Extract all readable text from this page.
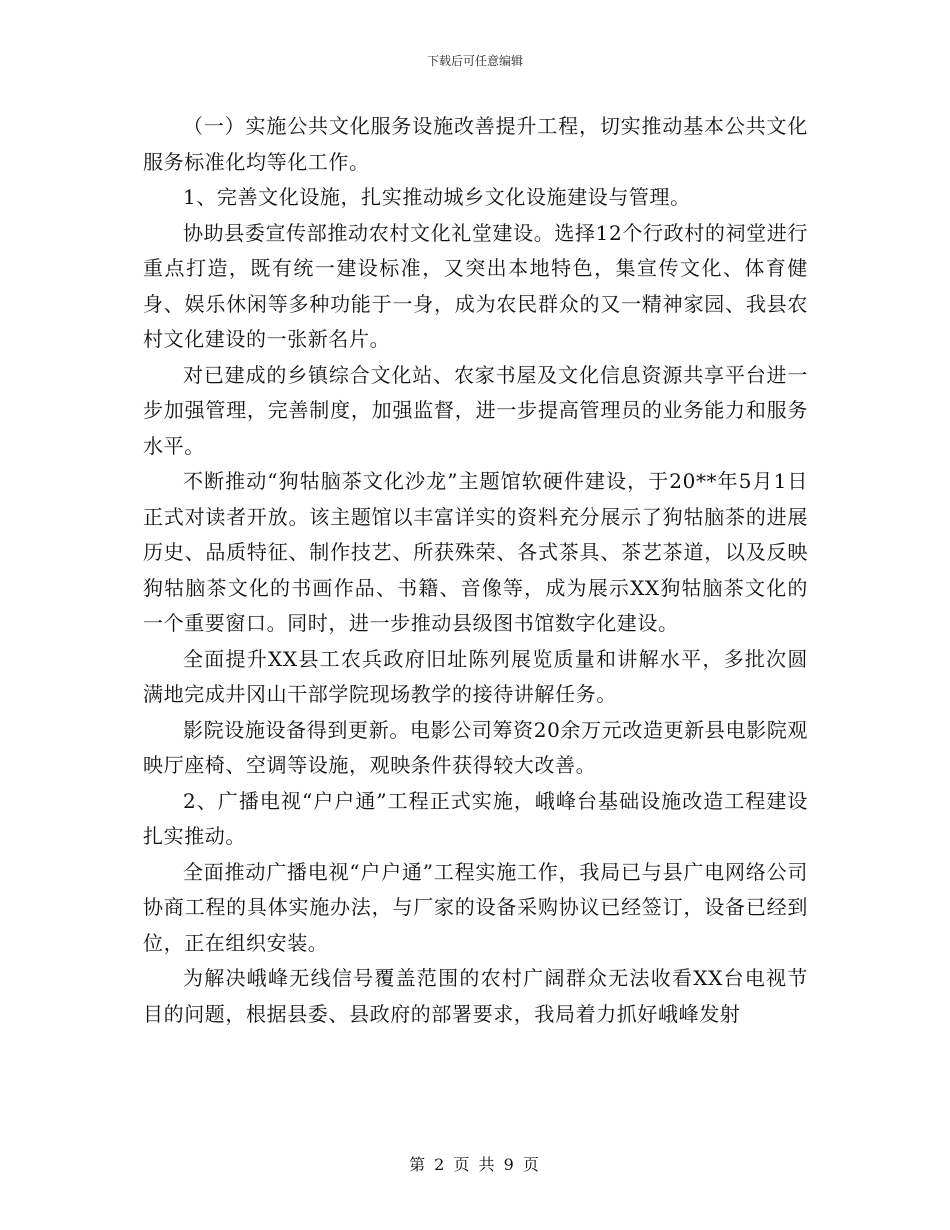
下载后可任意编辑

（一）实施公共文化服务设施改善提升工程，切实推动基本公共文化服务标准化均等化工作。

1、完善文化设施，扎实推动城乡文化设施建设与管理。

协助县委宣传部推动农村文化礼堂建设。选择12个行政村的祠堂进行重点打造，既有统一建设标准，又突出本地特色，集宣传文化、体育健身、娱乐休闲等多种功能于一身，成为农民群众的又一精神家园、我县农村文化建设的一张新名片。

对已建成的乡镇综合文化站、农家书屋及文化信息资源共享平台进一步加强管理，完善制度，加强监督，进一步提高管理员的业务能力和服务水平。

不断推动“狗牯脑茶文化沙龙”主题馆软硬件建设，于20**年5月1日正式对读者开放。该主题馆以丰富详实的资料充分展示了狗牯脑茶的进展历史、品质特征、制作技艺、所获殊荣、各式茶具、茶艺茶道，以及反映狗牯脑茶文化的书画作品、书籍、音像等，成为展示XX狗牯脑茶文化的一个重要窗口。同时，进一步推动县级图书馆数字化建设。

全面提升XX县工农兵政府旧址陈列展览质量和讲解水平，多批次圆满地完成井冈山干部学院现场教学的接待讲解任务。

影院设施设备得到更新。电影公司筹资20余万元改造更新县电影院观映厅座椅、空调等设施，观映条件获得较大改善。

2、广播电视“户户通”工程正式实施，峨峰台基础设施改造工程建设扎实推动。

全面推动广播电视“户户通”工程实施工作，我局已与县广电网络公司协商工程的具体实施办法，与厂家的设备采购协议已经签订，设备已经到位，正在组织安装。

为解决峨峰无线信号覆盖范围的农村广阔群众无法收看XX台电视节目的问题，根据县委、县政府的部署要求，我局着力抓好峨峰发射

第 2 页 共 9 页
